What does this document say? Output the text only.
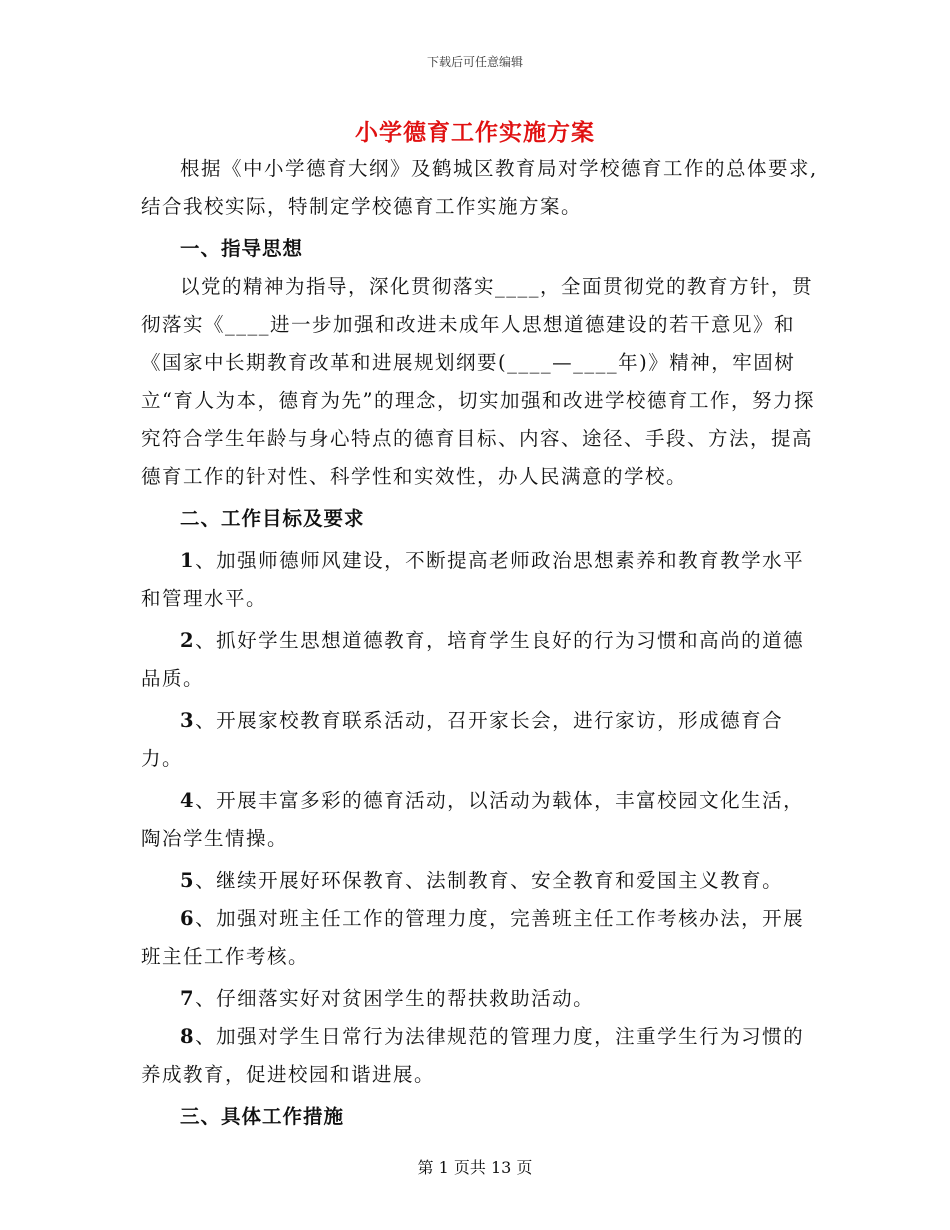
下载后可任意编辑
小学德育工作实施方案

根据《中小学德育大纲》及鹤城区教育局对学校德育工作的总体要求,结合我校实际，特制定学校德育工作实施方案。

一、指导思想

以党的精神为指导，深化贯彻落实____，全面贯彻党的教育方针，贯彻落实《____进一步加强和改进未成年人思想道德建设的若干意见》和《国家中长期教育改革和进展规划纲要(____—____年)》精神，牢固树立“育人为本，德育为先”的理念，切实加强和改进学校德育工作，努力探究符合学生年龄与身心特点的德育目标、内容、途径、手段、方法，提高德育工作的针对性、科学性和实效性，办人民满意的学校。

二、工作目标及要求

1、加强师德师风建设，不断提高老师政治思想素养和教育教学水平和管理水平。

2、抓好学生思想道德教育，培育学生良好的行为习惯和高尚的道德品质。

3、开展家校教育联系活动，召开家长会，进行家访，形成德育合力。

4、开展丰富多彩的德育活动，以活动为载体，丰富校园文化生活，陶冶学生情操。

5、继续开展好环保教育、法制教育、安全教育和爱国主义教育。

6、加强对班主任工作的管理力度，完善班主任工作考核办法，开展班主任工作考核。

7、仔细落实好对贫困学生的帮扶救助活动。

8、加强对学生日常行为法律规范的管理力度，注重学生行为习惯的养成教育，促进校园和谐进展。

三、具体工作措施

第 1 页共 13 页
